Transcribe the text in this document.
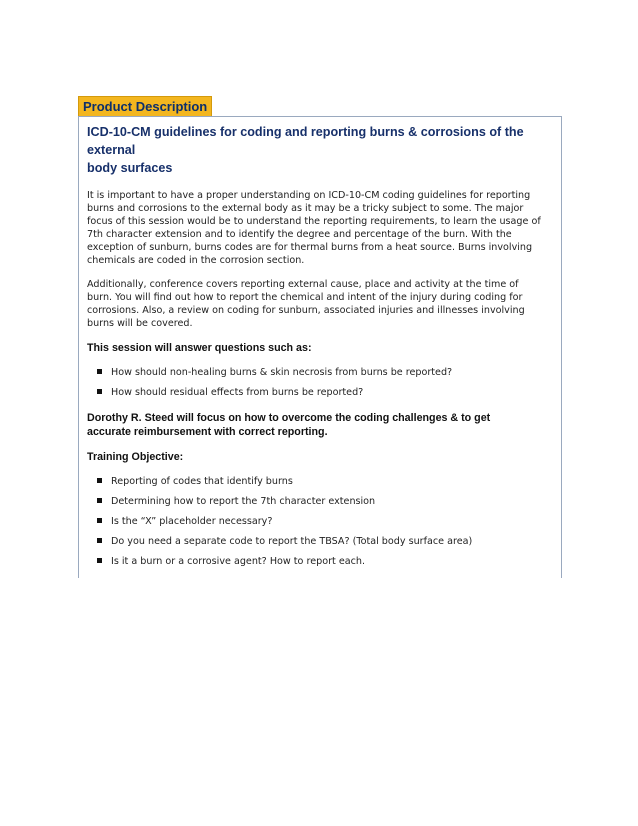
Product Description
ICD-10-CM guidelines for coding and reporting burns & corrosions of the external
body surfaces

It is important to have a proper understanding on ICD-10-CM coding guidelines for reporting
burns and corrosions to the external body as it may be a tricky subject to some. The major
focus of this session would be to understand the reporting requirements, to learn the usage of
7th character extension and to identify the degree and percentage of the burn. With the
exception of sunburn, burns codes are for thermal burns from a heat source. Burns involving
chemicals are coded in the corrosion section.

Additionally, conference covers reporting external cause, place and activity at the time of
burn. You will find out how to report the chemical and intent of the injury during coding for
corrosions. Also, a review on coding for sunburn, associated injuries and illnesses involving
burns will be covered.

This session will answer questions such as:
How should non-healing burns & skin necrosis from burns be reported?
How should residual effects from burns be reported?
Dorothy R. Steed will focus on how to overcome the coding challenges & to get
accurate reimbursement with correct reporting.
Training Objective:
Reporting of codes that identify burns
Determining how to report the 7th character extension
Is the “X” placeholder necessary?
Do you need a separate code to report the TBSA? (Total body surface area)
Is it a burn or a corrosive agent? How to report each.
